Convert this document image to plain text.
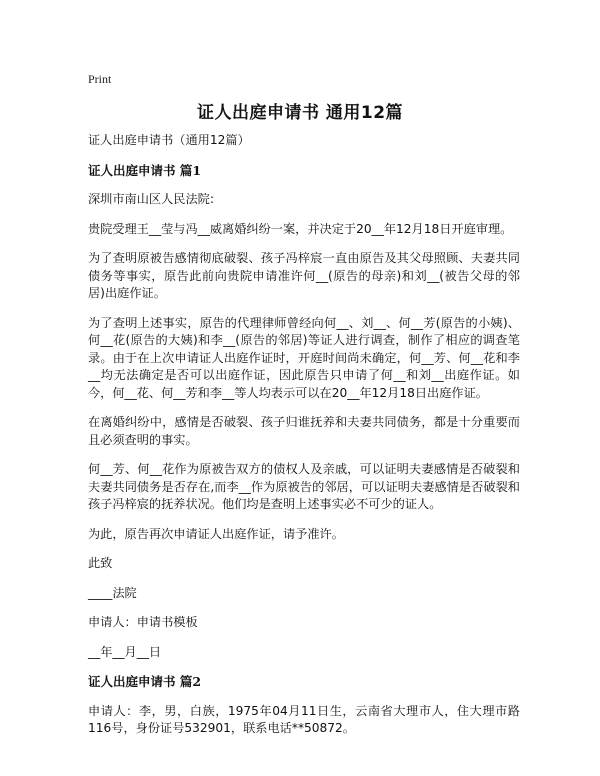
Print
证人出庭申请书 通用12篇

证人出庭申请书（通用12篇）

证人出庭申请书 篇1

深圳市南山区人民法院:

贵院受理王__莹与冯__威离婚纠纷一案，并决定于20__年12月18日开庭审理。

为了查明原被告感情彻底破裂、孩子冯梓宸一直由原告及其父母照顾、夫妻共同债务等事实，原告此前向贵院申请准许何__(原告的母亲)和刘__(被告父母的邻居)出庭作证。

为了查明上述事实，原告的代理律师曾经向何__、刘__、何__芳(原告的小姨)、何__花(原告的大姨)和李__(原告的邻居)等证人进行调查，制作了相应的调查笔录。由于在上次申请证人出庭作证时，开庭时间尚未确定，何__芳、何__花和李__均无法确定是否可以出庭作证，因此原告只申请了何__和刘__出庭作证。如今，何__花、何__芳和李__等人均表示可以在20__年12月18日出庭作证。

在离婚纠纷中，感情是否破裂、孩子归谁抚养和夫妻共同债务，都是十分重要而且必须查明的事实。

何__芳、何__花作为原被告双方的债权人及亲戚，可以证明夫妻感情是否破裂和夫妻共同债务是否存在,而李__作为原被告的邻居，可以证明夫妻感情是否破裂和孩子冯梓宸的抚养状况。他们均是查明上述事实必不可少的证人。

为此，原告再次申请证人出庭作证，请予准许。

此致

____法院

申请人：申请书模板

__年__月__日

证人出庭申请书 篇2

申请人：李，男，白族，1975年04月11日生，云南省大理市人，住大理市路116号，身份证号532901，联系电话**50872。
